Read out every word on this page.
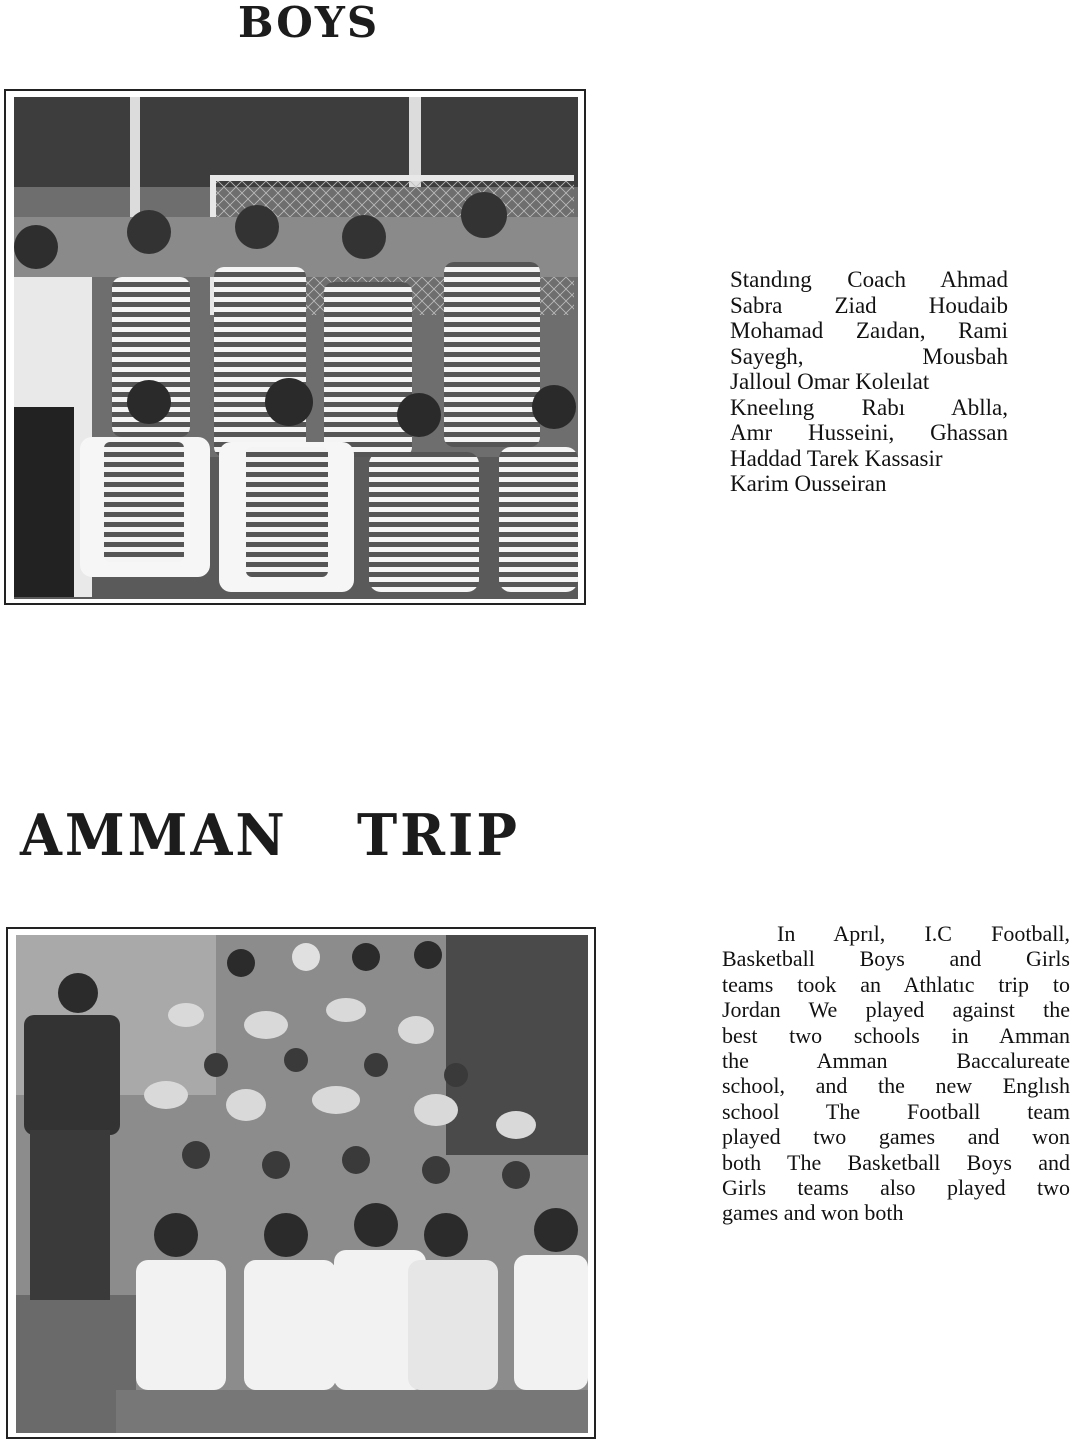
BOYS
Standıng Coach Ahmad
Sabra Ziad Houdaib
Mohamad Zaıdan, Rami
Sayegh, Mousbah
Jalloul Omar Koleılat
Kneelıng Rabı Ablla,
Amr Husseini, Ghassan
Haddad Tarek Kassasir
Karim Ousseiran
AMMAN TRIP
In Aprıl, I.C Football,
Basketball Boys and Girls
teams took an Athlatıc trip to
Jordan We played against the
best two schools in Amman
the Amman Baccalureate
school, and the new Englısh
school The Football team
played two games and won
both The Basketball Boys and
Girls teams also played two
games and won both
